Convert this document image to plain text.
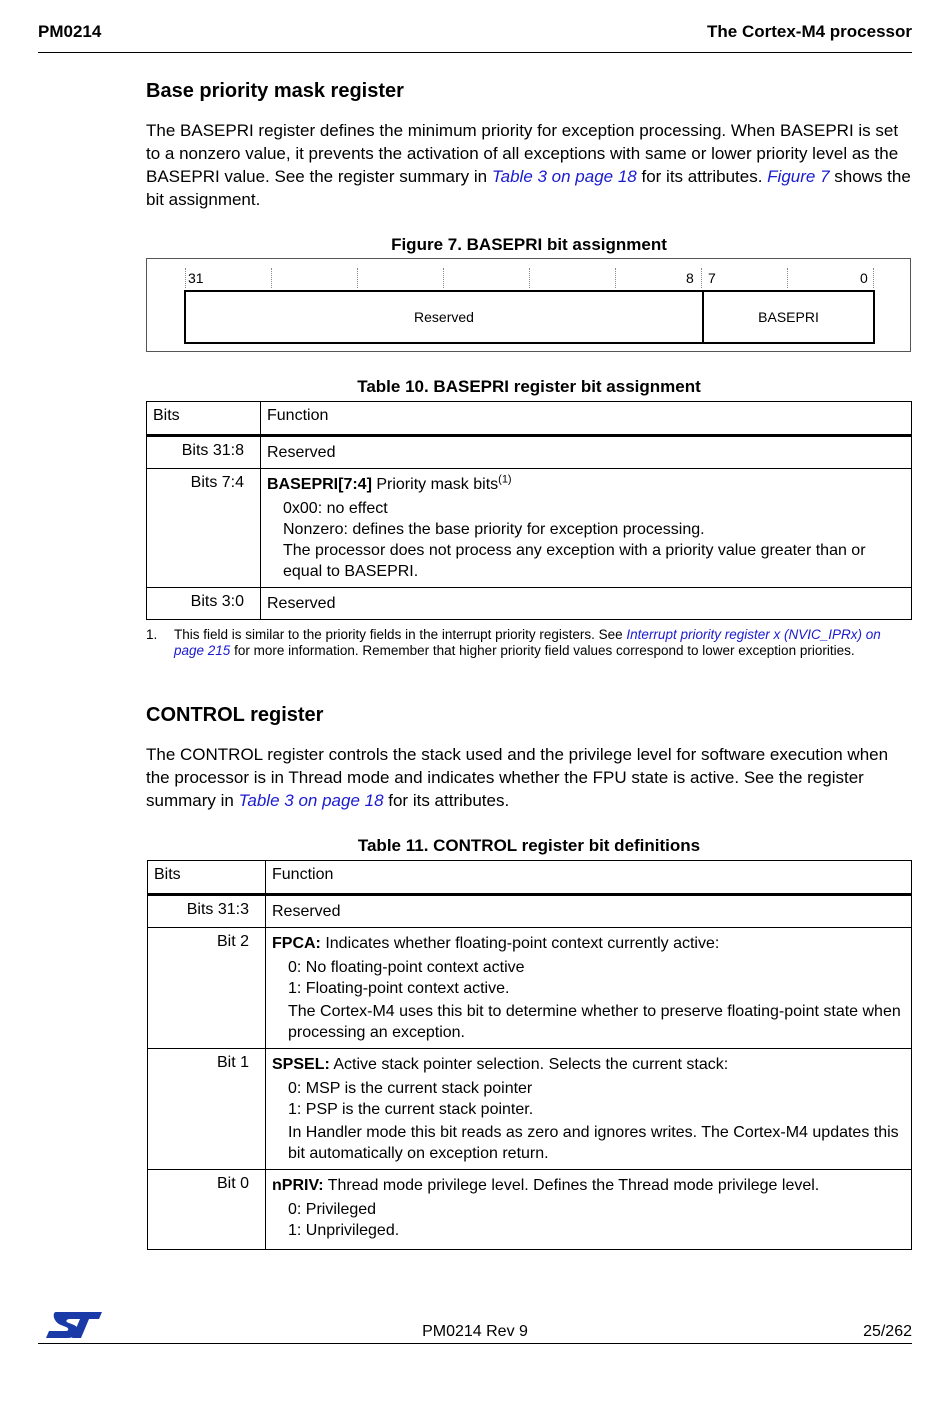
PM0214	The Cortex-M4 processor
Base priority mask register
The BASEPRI register defines the minimum priority for exception processing. When BASEPRI is set to a nonzero value, it prevents the activation of all exceptions with same or lower priority level as the BASEPRI value. See the register summary in Table 3 on page 18 for its attributes. Figure 7 shows the bit assignment.
Figure 7. BASEPRI bit assignment
31	8 7	0
Reserved	BASEPRI
Table 10. BASEPRI register bit assignment
Bits	Function
Bits 31:8	Reserved
Bits 7:4	BASEPRI[7:4] Priority mask bits$^{(1)}$
0x00: no effect
Nonzero: defines the base priority for exception processing.
The processor does not process any exception with a priority value greater than or equal to BASEPRI.

Bits 3:0	Reserved
1. This field is similar to the priority fields in the interrupt priority registers. See Interrupt priority register x (NVIC_IPRx) on page 215 for more information. Remember that higher priority field values correspond to lower exception priorities.
CONTROL register
The CONTROL register controls the stack used and the privilege level for software execution when the processor is in Thread mode and indicates whether the FPU state is active. See the register summary in Table 3 on page 18 for its attributes.
Table 11. CONTROL register bit definitions
Bits	Function
Bits 31:3	Reserved
Bit 2	FPCA: Indicates whether floating-point context currently active:
0: No floating-point context active
1: Floating-point context active.
The Cortex-M4 uses this bit to determine whether to preserve floating-point state when processing an exception.

Bit 1	SPSEL: Active stack pointer selection. Selects the current stack:
0: MSP is the current stack pointer
1: PSP is the current stack pointer.
In Handler mode this bit reads as zero and ignores writes. The Cortex-M4 updates this bit automatically on exception return.

Bit 0	nPRIV: Thread mode privilege level. Defines the Thread mode privilege level.
0: Privileged
1: Unprivileged.
PM0214 Rev 9	25/262
